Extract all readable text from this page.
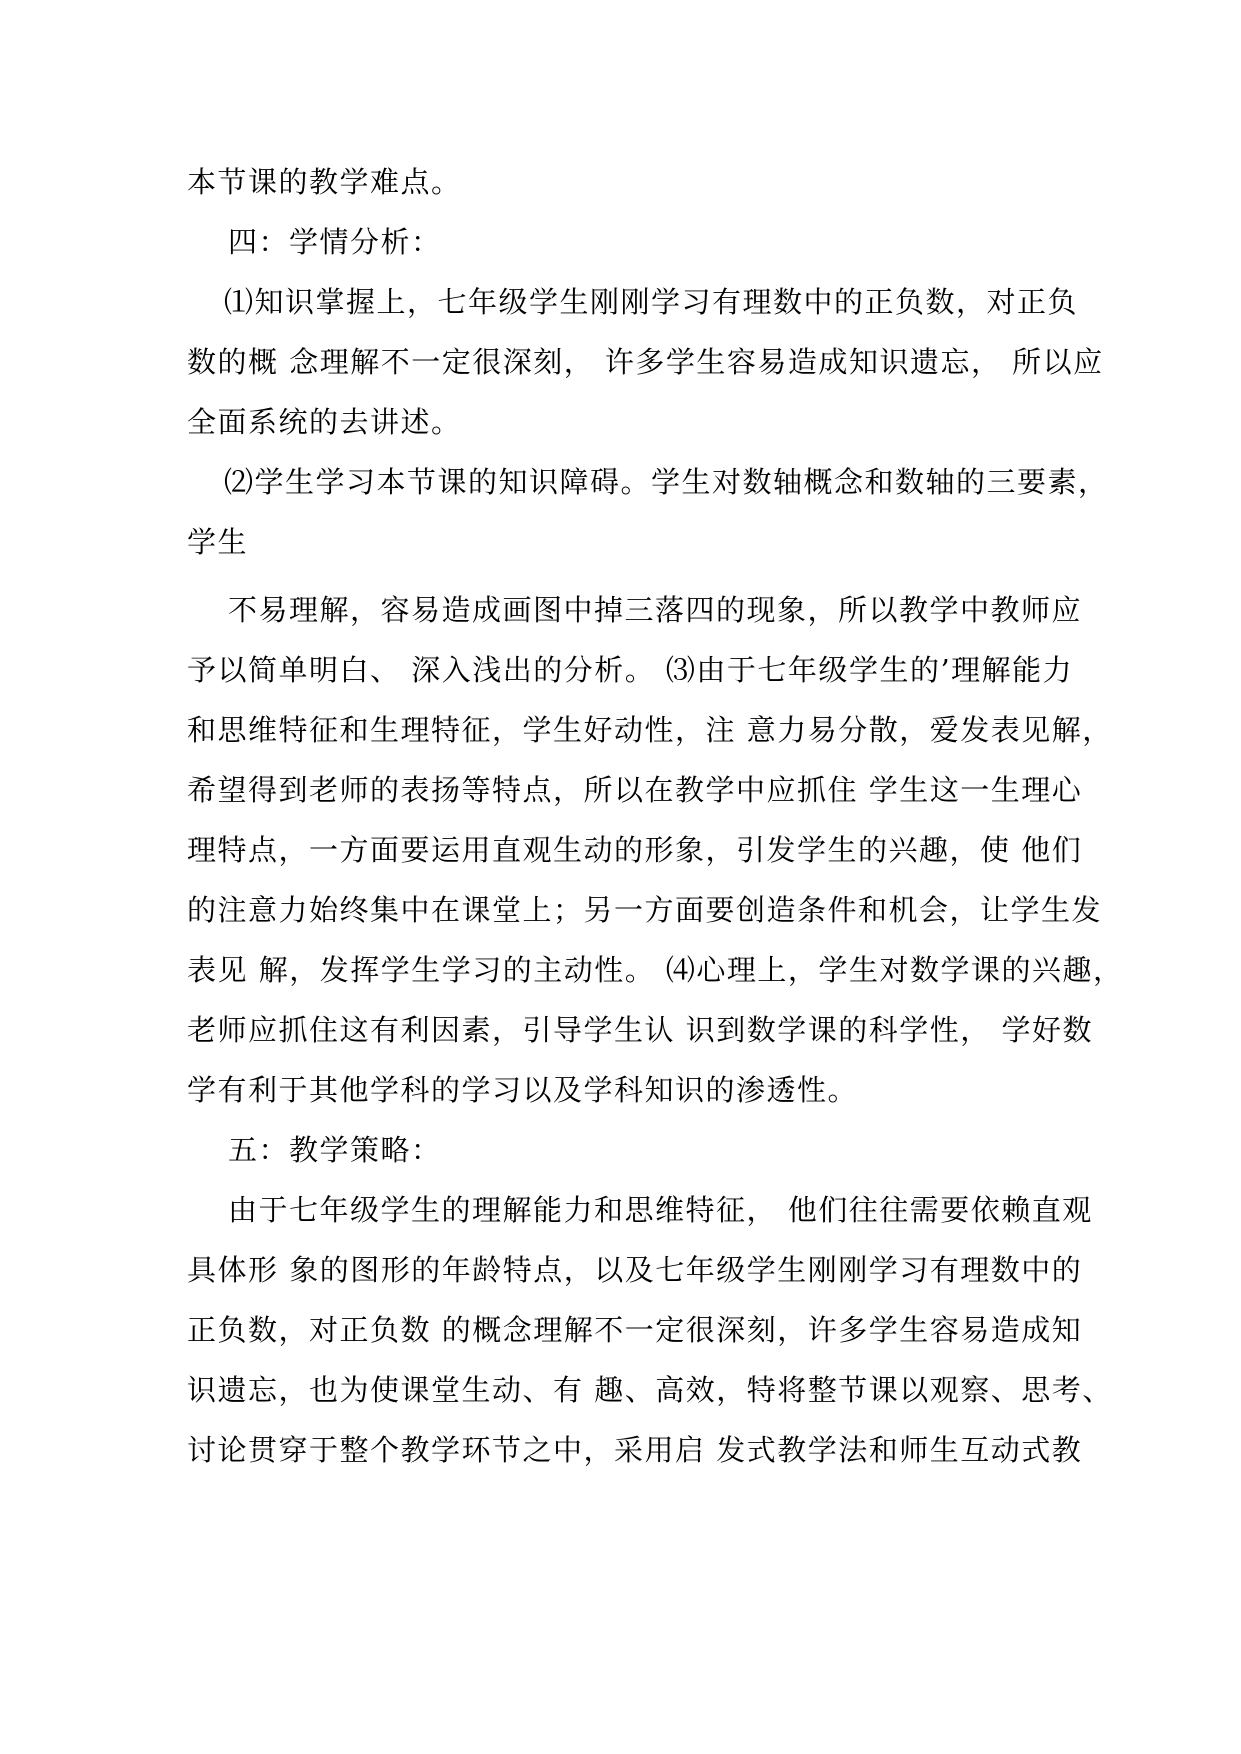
本节课的教学难点。
四：学情分析：
⑴知识掌握上，七年级学生刚刚学习有理数中的正负数，对正负
数的概 念理解不一定很深刻， 许多学生容易造成知识遗忘， 所以应
全面系统的去讲述。
⑵学生学习本节课的知识障碍。学生对数轴概念和数轴的三要素，
学生
不易理解，容易造成画图中掉三落四的现象，所以教学中教师应
予以简单明白、 深入浅出的分析。 ⑶由于七年级学生的’理解能力
和思维特征和生理特征，学生好动性，注 意力易分散，爱发表见解，
希望得到老师的表扬等特点，所以在教学中应抓住 学生这一生理心
理特点，一方面要运用直观生动的形象，引发学生的兴趣，使 他们
的注意力始终集中在课堂上；另一方面要创造条件和机会，让学生发
表见 解，发挥学生学习的主动性。 ⑷心理上，学生对数学课的兴趣，
老师应抓住这有利因素，引导学生认 识到数学课的科学性， 学好数
学有利于其他学科的学习以及学科知识的渗透性。
五：教学策略：
由于七年级学生的理解能力和思维特征， 他们往往需要依赖直观
具体形 象的图形的年龄特点，以及七年级学生刚刚学习有理数中的
正负数，对正负数 的概念理解不一定很深刻，许多学生容易造成知
识遗忘，也为使课堂生动、有 趣、高效，特将整节课以观察、思考、
讨论贯穿于整个教学环节之中，采用启 发式教学法和师生互动式教
